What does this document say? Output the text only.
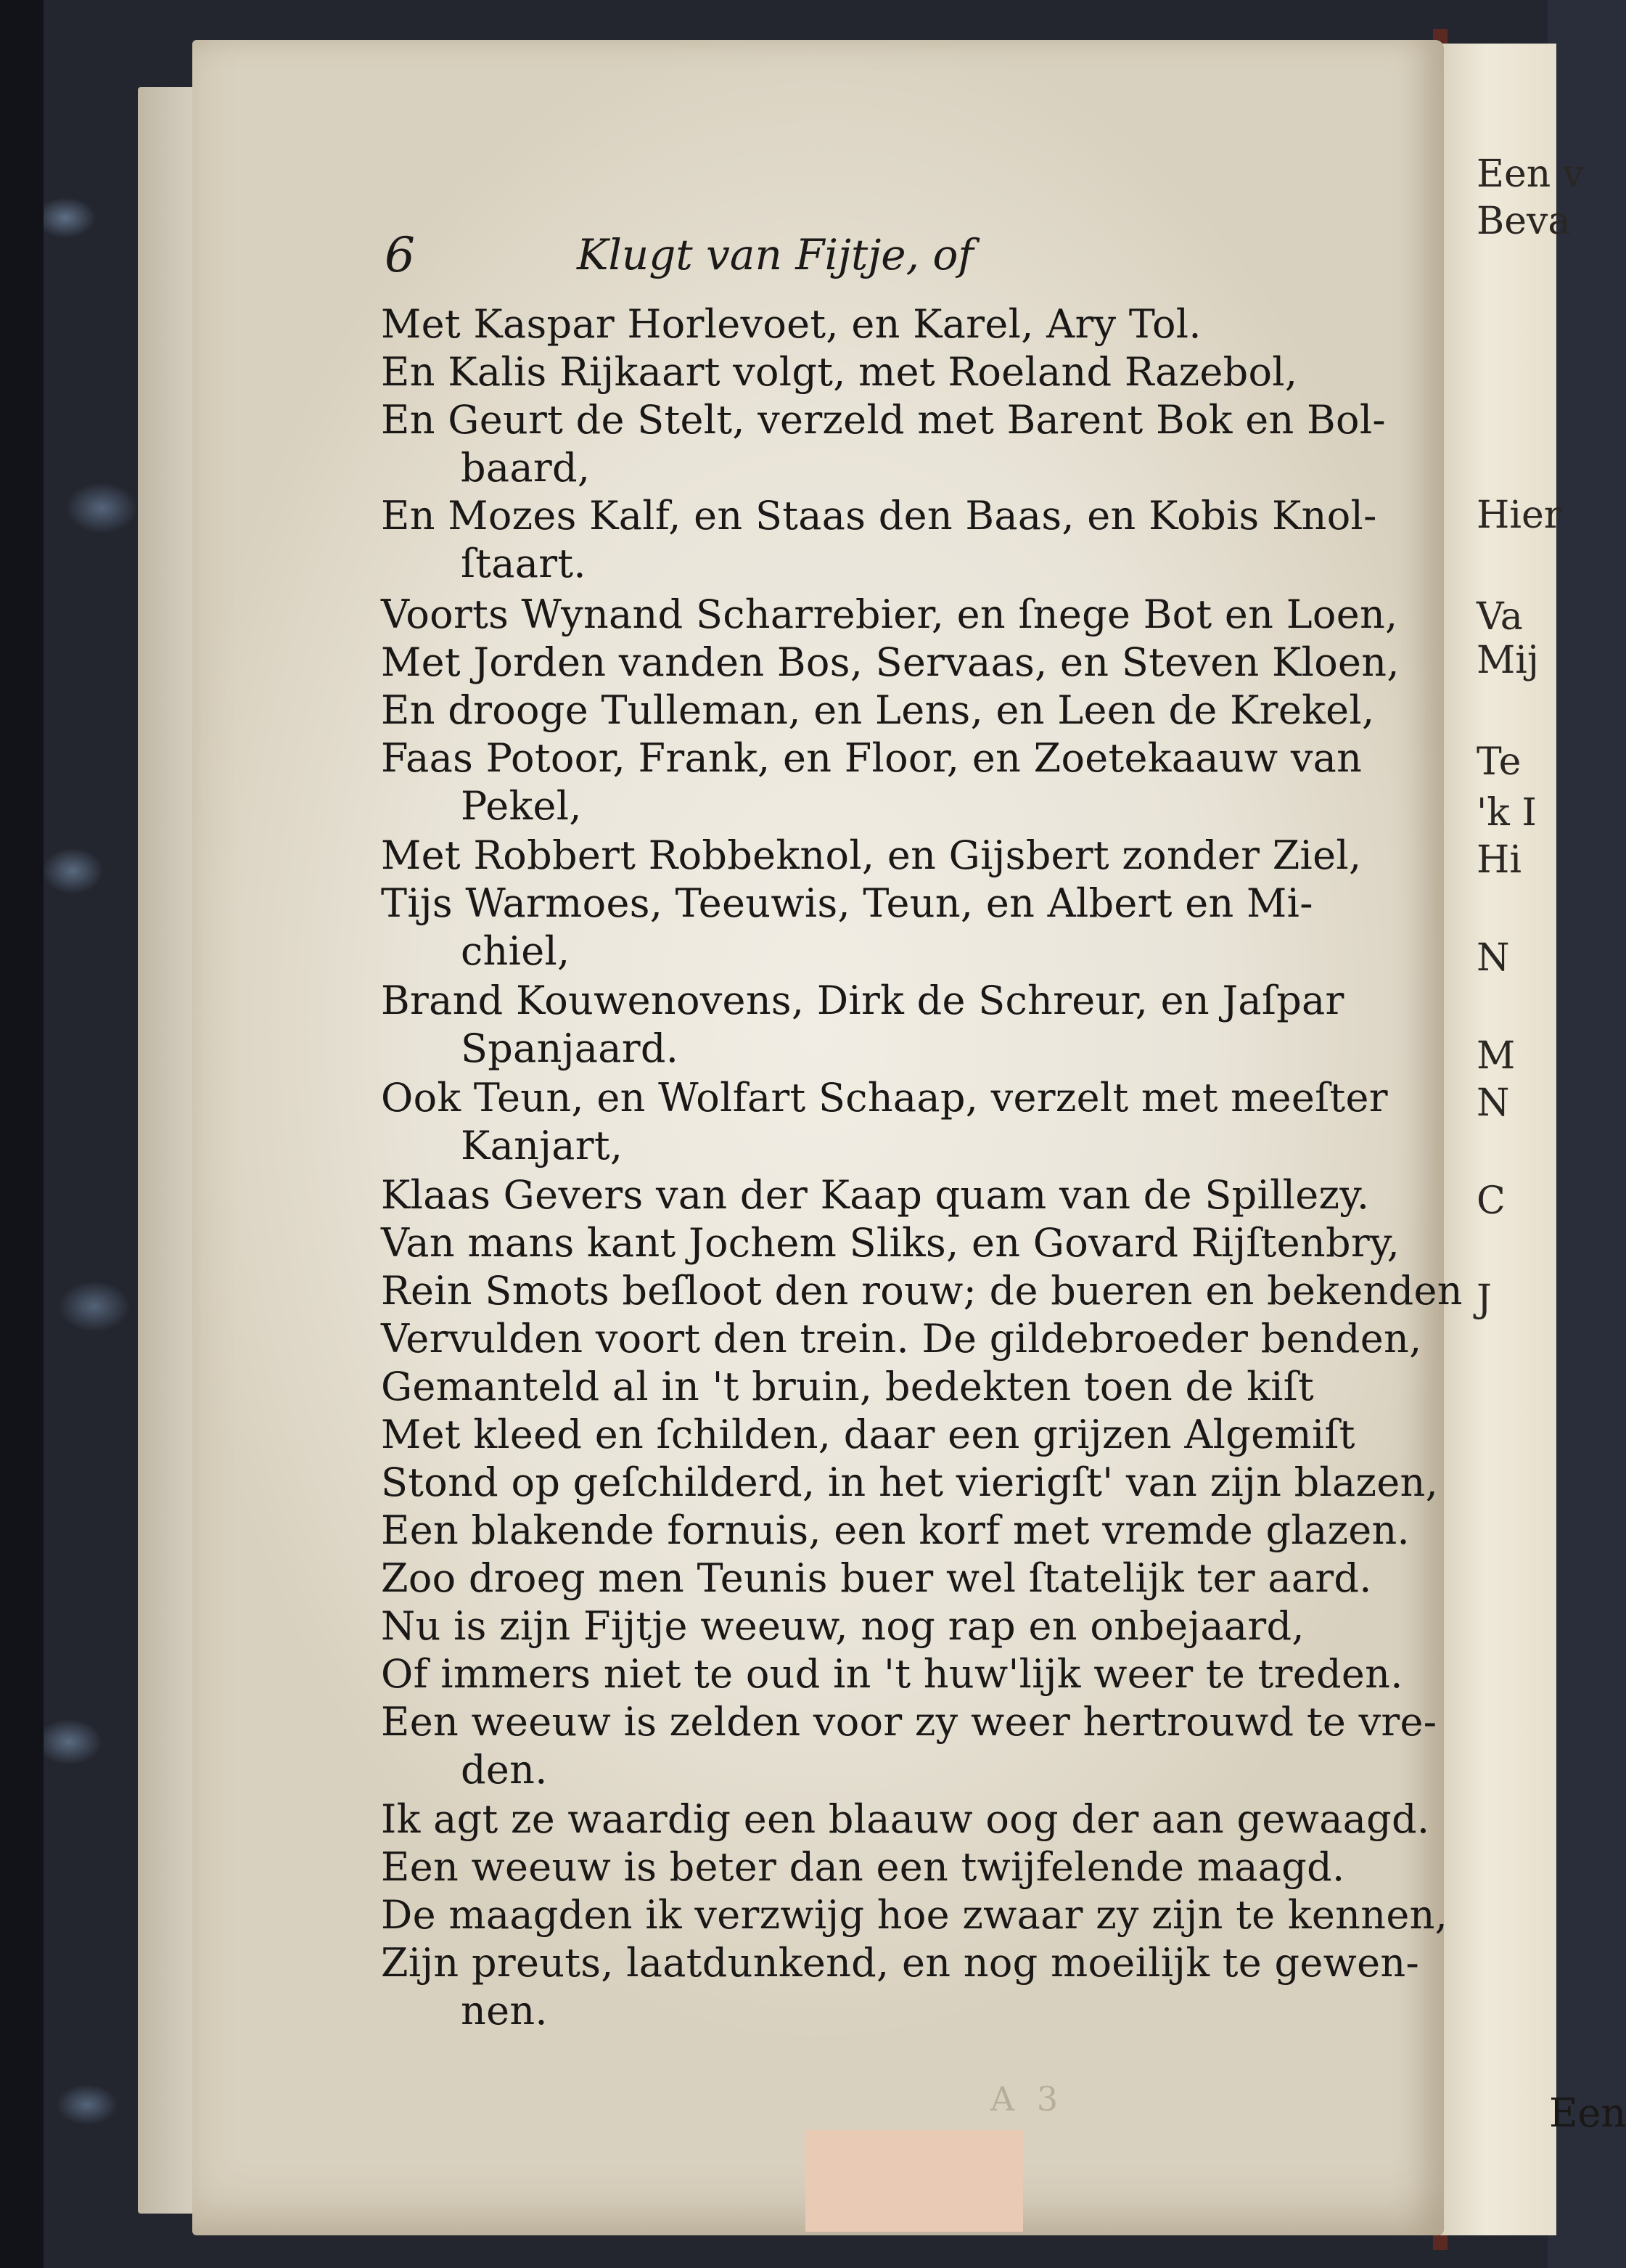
Een v
Beva
Hier
Va
Mij
Te
'k I
Hi
N
M
N
C
J
6	Klugt van Fijtje, of
Met Kaspar Horlevoet, en Karel, Ary Tol.
En Kalis Rijkaart volgt, met Roeland Razebol,
En Geurt de Stelt, verzeld met Barent Bok en Bol-
baard,
En Mozes Kalf, en Staas den Baas, en Kobis Knol-
ſtaart.
Voorts Wynand Scharrebier, en ſnege Bot en Loen,
Met Jorden vanden Bos, Servaas, en Steven Kloen,
En drooge Tulleman, en Lens, en Leen de Krekel,
Faas Potoor, Frank, en Floor, en Zoetekaauw van
Pekel,
Met Robbert Robbeknol, en Gijsbert zonder Ziel,
Tijs Warmoes, Teeuwis, Teun, en Albert en Mi-
chiel,
Brand Kouwenovens, Dirk de Schreur, en Jaſpar
Spanjaard.
Ook Teun, en Wolfart Schaap, verzelt met meeſter
Kanjart,
Klaas Gevers van der Kaap quam van de Spillezy.
Van mans kant Jochem Sliks, en Govard Rijſtenbry,
Rein Smots beſloot den rouw; de bueren en bekenden
Vervulden voort den trein. De gildebroeder benden,
Gemanteld al in 't bruin, bedekten toen de kiſt
Met kleed en ſchilden, daar een grijzen Algemiſt
Stond op geſchilderd, in het vierigſt' van zijn blazen,
Een blakende fornuis, een korf met vremde glazen.
Zoo droeg men Teunis buer wel ſtatelijk ter aard.
Nu is zijn Fijtje weeuw, nog rap en onbejaard,
Of immers niet te oud in 't huw'lijk weer te treden.
Een weeuw is zelden voor zy weer hertrouwd te vre-
den.
Ik agt ze waardig een blaauw oog der aan gewaagd.
Een weeuw is beter dan een twijfelende maagd.
De maagden ik verzwijg hoe zwaar zy zijn te kennen,
Zijn preuts, laatdunkend, en nog moeilijk te gewen-
nen.
A 3	Een
